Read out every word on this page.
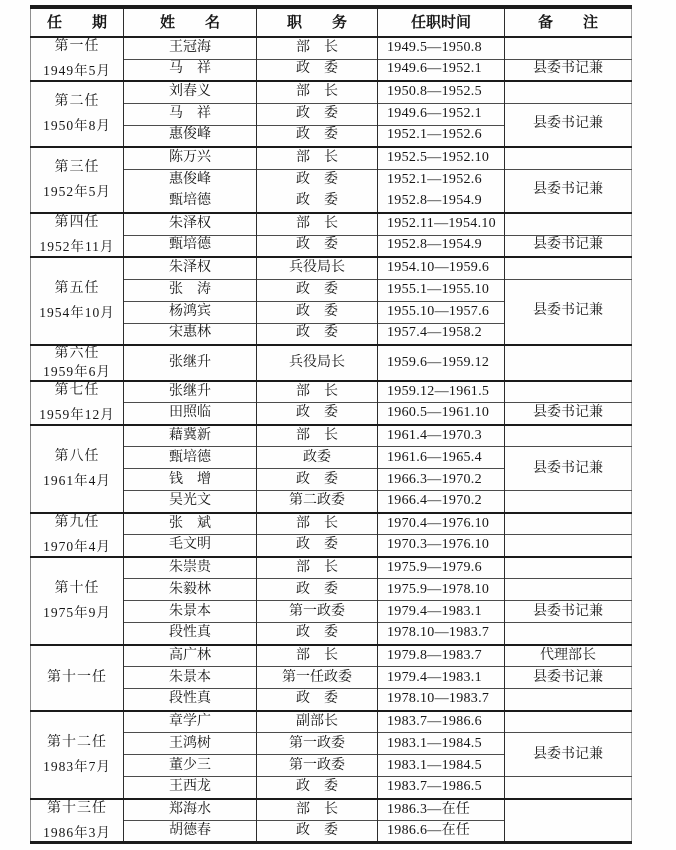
任　　期	姓　　名	职　　务	任职时间	备　　注

第一任
1949年5月	王冠海	部　长	1949.5—1950.8	
	马　祥	政　委	1949.6—1952.1	县委书记兼

第二任
1950年8月	刘春义	部　长	1950.8—1952.5	
	马　祥	政　委	1949.6—1952.1	县委书记兼
	惠俊峰	政　委	1952.1—1952.6	

第三任
1952年5月	陈万兴	部　长	1952.5—1952.10	
	惠俊峰	政　委	1952.1—1952.6	县委书记兼
	甄培德	政　委	1952.8—1954.9	

第四任
1952年11月	朱泽权	部　长	1952.11—1954.10	
	甄培德	政　委	1952.8—1954.9	县委书记兼

第五任
1954年10月	朱泽权	兵役局长	1954.10—1959.6	
	张　涛	政　委	1955.1—1955.10	县委书记兼
	杨鸿宾	政　委	1955.10—1957.6	
	宋惠林	政　委	1957.4—1958.2	

第六任
1959年6月	张继升	兵役局长	1959.6—1959.12	

第七任
1959年12月	张继升	部　长	1959.12—1961.5	
	田照临	政　委	1960.5—1961.10	县委书记兼

第八任
1961年4月	藉冀新	部　长	1961.4—1970.3	
	甄培德	政委	1961.6—1965.4	县委书记兼
	钱　增	政　委	1966.3—1970.2	
	吴光文	第二政委	1966.4—1970.2	

第九任
1970年4月	张　斌	部　长	1970.4—1976.10	
	毛文明	政　委	1970.3—1976.10	

第十任
1975年9月	朱崇贵	部　长	1975.9—1979.6	
	朱毅林	政　委	1975.9—1978.10	
	朱景本	第一政委	1979.4—1983.1	县委书记兼
	段性真	政　委	1978.10—1983.7	

第十一任	高广林	部　长	1979.8—1983.7	代理部长
	朱景本	第一任政委	1979.4—1983.1	县委书记兼
	段性真	政　委	1978.10—1983.7	

第十二任
1983年7月	章学广	副部长	1983.7—1986.6	
	王鸿树	第一政委	1983.1—1984.5	县委书记兼
	董少三	第一政委	1983.1—1984.5	
	王西龙	政　委	1983.7—1986.5	

第十三任
1986年3月	郑海水	部　长	1986.3—在任	
	胡德春	政　委	1986.6—在任	
